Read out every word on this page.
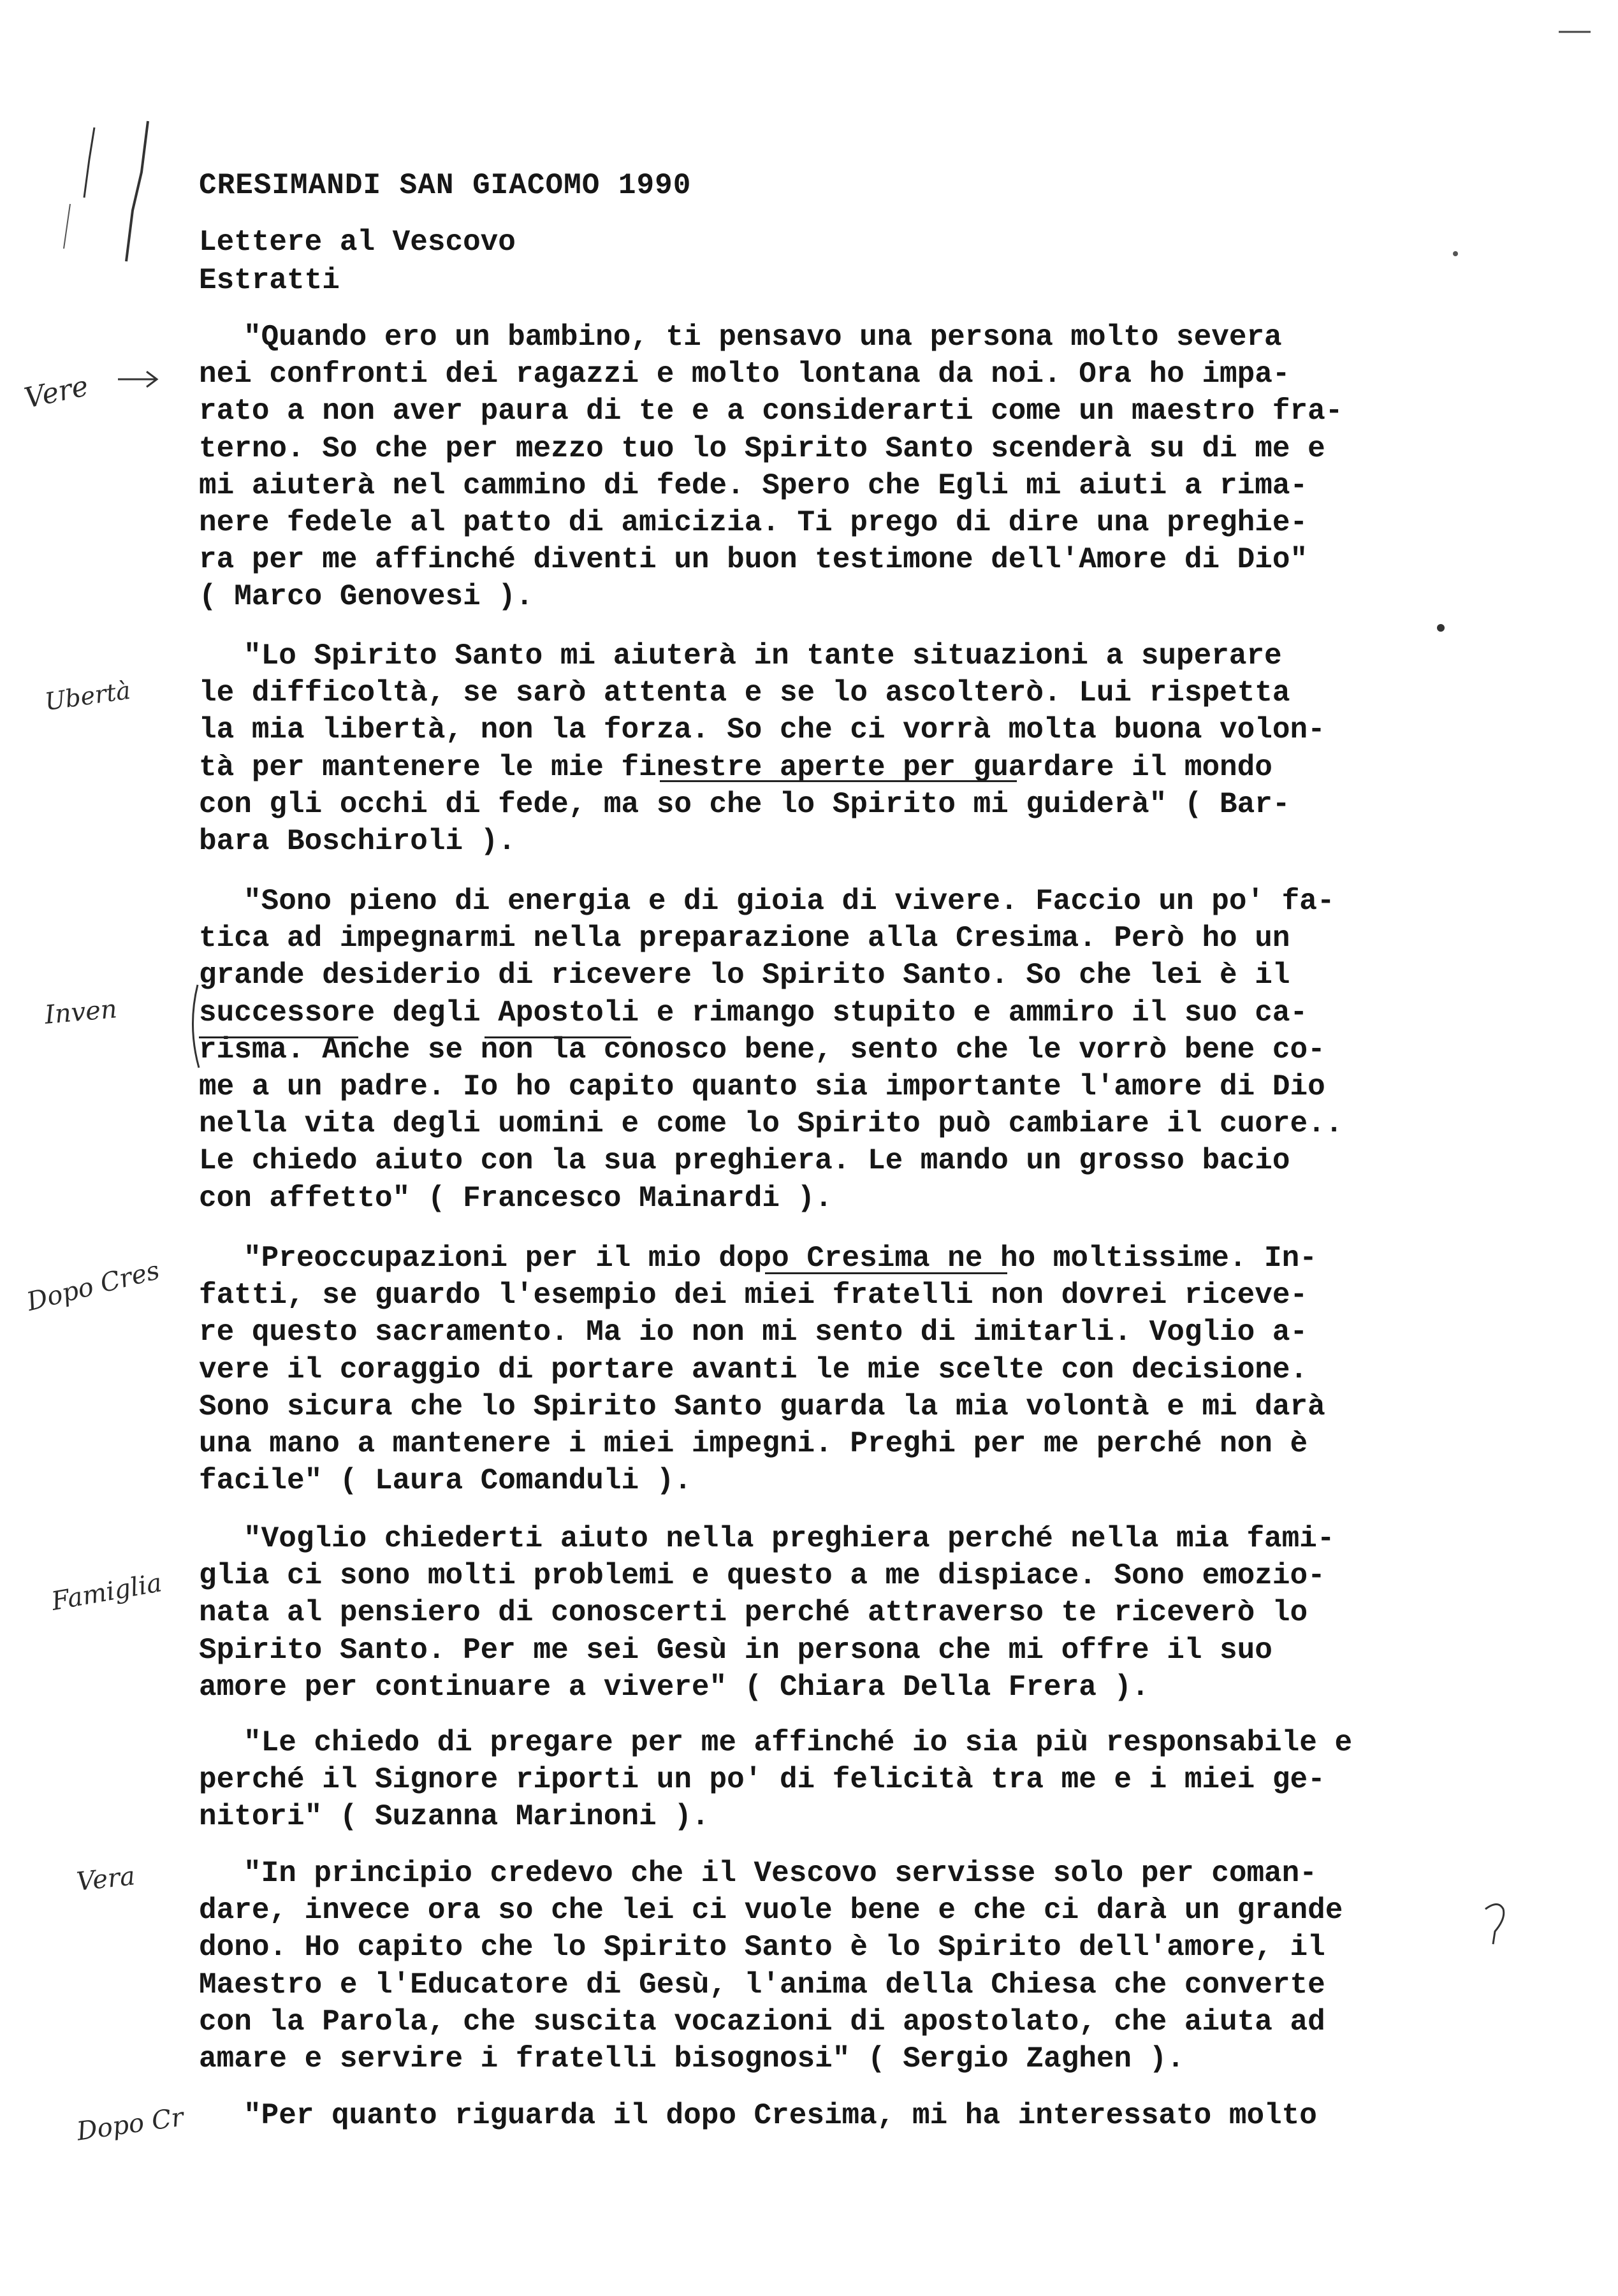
CRESIMANDI SAN GIACOMO 1990
Lettere al Vescovo
Estratti
"Quando ero un bambino, ti pensavo una persona molto severa
nei confronti dei ragazzi e molto lontana da noi. Ora ho impa-
rato a non aver paura di te e a considerarti come un maestro fra-
terno. So che per mezzo tuo lo Spirito Santo scenderà su di me e
mi aiuterà nel cammino di fede. Spero che Egli mi aiuti a rima-
nere fedele al patto di amicizia. Ti prego di dire una preghie-
ra per me affinché diventi un buon testimone dell'Amore di Dio"
( Marco Genovesi ).
"Lo Spirito Santo mi aiuterà in tante situazioni a superare
le difficoltà, se sarò attenta e se lo ascolterò. Lui rispetta
la mia libertà, non la forza. So che ci vorrà molta buona volon-
tà per mantenere le mie finestre aperte per guardare il mondo
con gli occhi di fede, ma so che lo Spirito mi guiderà" ( Bar-
bara Boschiroli ).
"Sono pieno di energia e di gioia di vivere. Faccio un po' fa-
tica ad impegnarmi nella preparazione alla Cresima. Però ho un
grande desiderio di ricevere lo Spirito Santo. So che lei è il
successore degli Apostoli e rimango stupito e ammiro il suo ca-
risma. Anche se non la conosco bene, sento che le vorrò bene co-
me a un padre. Io ho capito quanto sia importante l'amore di Dio
nella vita degli uomini e come lo Spirito può cambiare il cuore..
Le chiedo aiuto con la sua preghiera. Le mando un grosso bacio
con affetto" ( Francesco Mainardi ).
"Preoccupazioni per il mio dopo Cresima ne ho moltissime. In-
fatti, se guardo l'esempio dei miei fratelli non dovrei riceve-
re questo sacramento. Ma io non mi sento di imitarli. Voglio a-
vere il coraggio di portare avanti le mie scelte con decisione.
Sono sicura che lo Spirito Santo guarda la mia volontà e mi darà
una mano a mantenere i miei impegni. Preghi per me perché non è
facile" ( Laura Comanduli ).
"Voglio chiederti aiuto nella preghiera perché nella mia fami-
glia ci sono molti problemi e questo a me dispiace. Sono emozio-
nata al pensiero di conoscerti perché attraverso te riceverò lo
Spirito Santo. Per me sei Gesù in persona che mi offre il suo
amore per continuare a vivere" ( Chiara Della Frera ).
"Le chiedo di pregare per me affinché io sia più responsabile e
perché il Signore riporti un po' di felicità tra me e i miei ge-
nitori" ( Suzanna Marinoni ).
"In principio credevo che il Vescovo servisse solo per coman-
dare, invece ora so che lei ci vuole bene e che ci darà un grande
dono. Ho capito che lo Spirito Santo è lo Spirito dell'amore, il
Maestro e l'Educatore di Gesù, l'anima della Chiesa che converte
con la Parola, che suscita vocazioni di apostolato, che aiuta ad
amare e servire i fratelli bisognosi" ( Sergio Zaghen ).
"Per quanto riguarda il dopo Cresima, mi ha interessato molto
Vere
Ubertà
Inven
Dopo Cres
Famiglia
Vera
Dopo Cr
